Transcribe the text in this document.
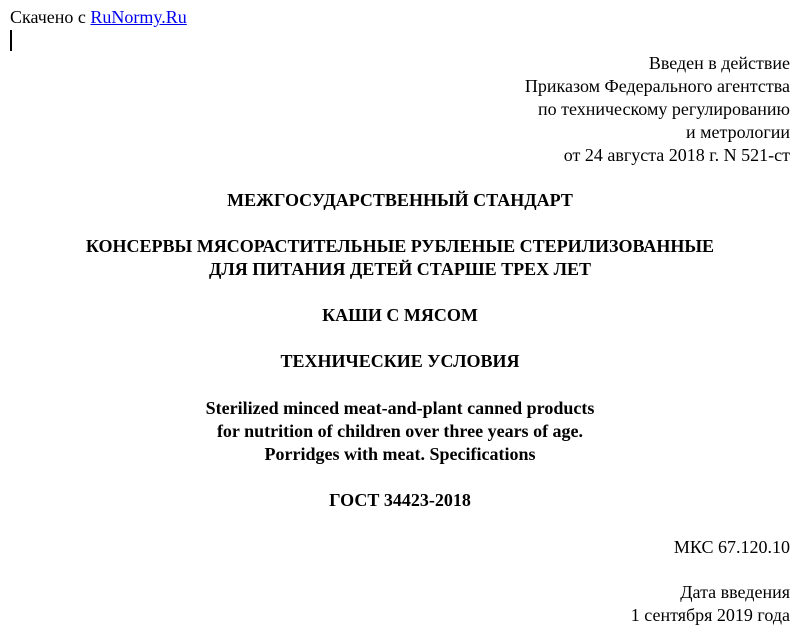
Скачено с RuNormy.Ru
Введен в действие
Приказом Федерального агентства
по техническому регулированию
и метрологии
от 24 августа 2018 г. N 521-ст
МЕЖГОСУДАРСТВЕННЫЙ СТАНДАРТ
КОНСЕРВЫ МЯСОРАСТИТЕЛЬНЫЕ РУБЛЕНЫЕ СТЕРИЛИЗОВАННЫЕ
ДЛЯ ПИТАНИЯ ДЕТЕЙ СТАРШЕ ТРЕХ ЛЕТ
КАШИ С МЯСОМ
ТЕХНИЧЕСКИЕ УСЛОВИЯ
Sterilized minced meat-and-plant canned products
for nutrition of children over three years of age.
Porridges with meat. Specifications
ГОСТ 34423-2018
МКС 67.120.10
Дата введения
1 сентября 2019 года
